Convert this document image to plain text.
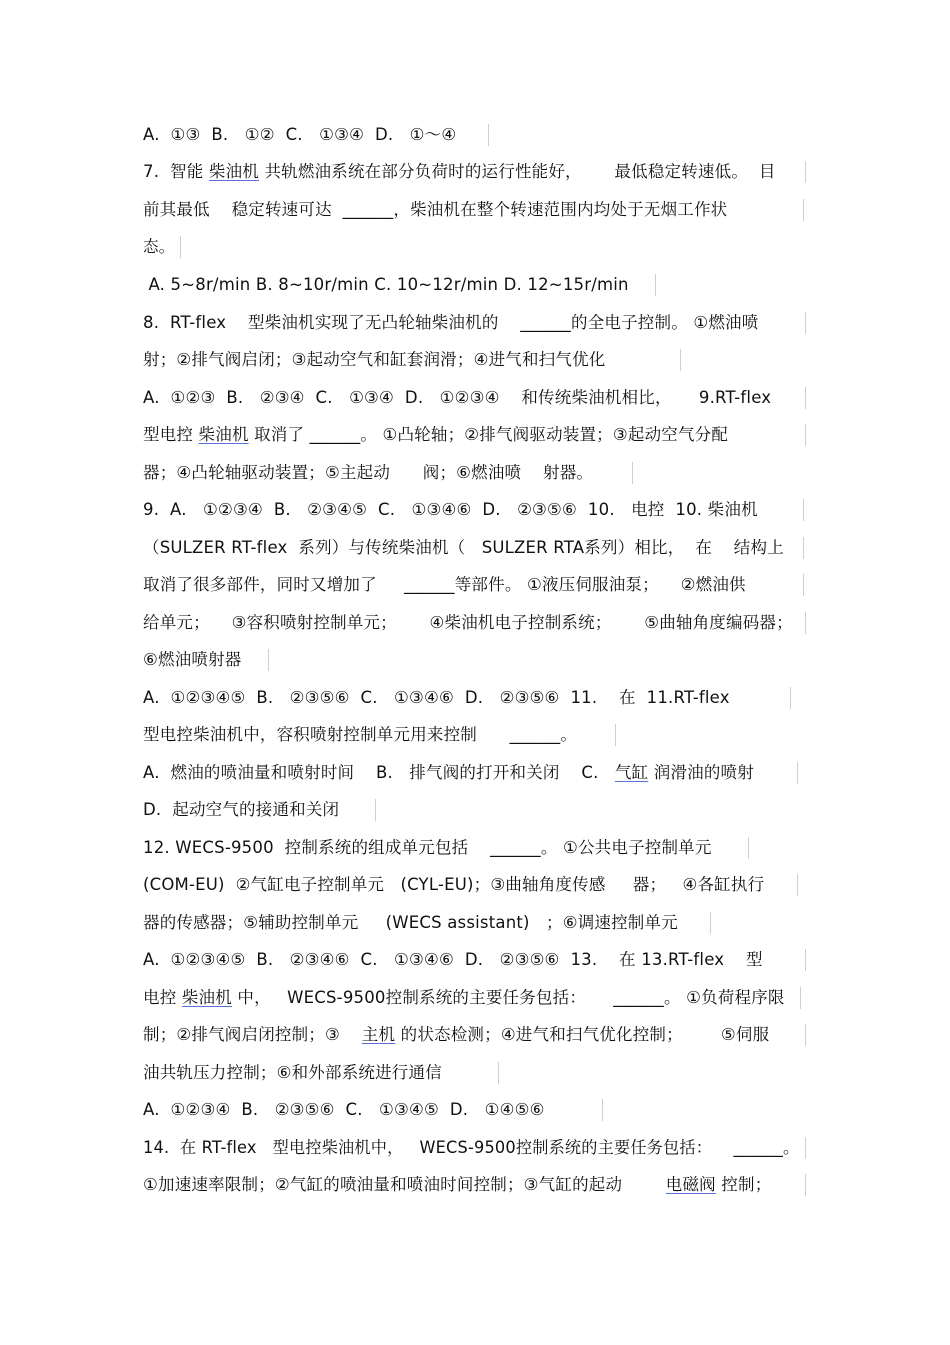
A.  ①③  B.   ①②  C.   ①③④  D.   ①～④
7.  智能 柴油机 共轨燃油系统在部分负荷时的运行性能好，      最低稳定转速低。  目
前其最低    稳定转速可达  ______，柴油机在整个转速范围内均处于无烟工作状
态。
A. 5~8r/min B. 8~10r/min C. 10~12r/min D. 12~15r/min
8.  RT-flex    型柴油机实现了无凸轮轴柴油机的    ______的全电子控制。 ①燃油喷
射；②排气阀启闭；③起动空气和缸套润滑；④进气和扫气优化
A.  ①②③  B.   ②③④  C.   ①③④  D.   ①②③④    和传统柴油机相比，     9.RT-flex
型电控 柴油机 取消了 ______。 ①凸轮轴；②排气阀驱动装置；③起动空气分配
器；④凸轮轴驱动装置；⑤主起动      阀；⑥燃油喷    射器。
9.  A.   ①②③④  B.   ②③④⑤  C.   ①③④⑥  D.   ②③⑤⑥  10.   电控  10. 柴油机
（SULZER RT-flex  系列）与传统柴油机（   SULZER RTA系列）相比，  在    结构上
取消了很多部件，同时又增加了     ______等部件。 ①液压伺服油泵；    ②燃油供
给单元；    ③容积喷射控制单元；      ④柴油机电子控制系统；      ⑤曲轴角度编码器；
⑥燃油喷射器
A.  ①②③④⑤  B.   ②③⑤⑥  C.   ①③④⑥  D.   ②③⑤⑥  11.    在  11.RT-flex
型电控柴油机中，容积喷射控制单元用来控制      ______。
A.  燃油的喷油量和喷射时间    B.   排气阀的打开和关闭    C.   气缸 润滑油的喷射
D.  起动空气的接通和关闭
12. WECS-9500  控制系统的组成单元包括    ______。 ①公共电子控制单元
(COM-EU)  ②气缸电子控制单元   (CYL-EU)；③曲轴角度传感     器；   ④各缸执行
器的传感器；⑤辅助控制单元     (WECS assistant)   ；⑥调速控制单元
A.  ①②③④⑤  B.   ②③④⑥  C.   ①③④⑥  D.   ②③⑤⑥  13.    在 13.RT-flex    型
电控 柴油机 中，   WECS-9500控制系统的主要任务包括：     ______。 ①负荷程序限
制；②排气阀启闭控制；③    主机 的状态检测；④进气和扫气优化控制；       ⑤伺服
油共轨压力控制；⑥和外部系统进行通信
A.  ①②③④  B.   ②③⑤⑥  C.   ①③④⑤  D.   ①④⑤⑥
14.  在 RT-flex   型电控柴油机中，   WECS-9500控制系统的主要任务包括：    ______。
①加速速率限制；②气缸的喷油量和喷油时间控制；③气缸的起动        电磁阀 控制；
